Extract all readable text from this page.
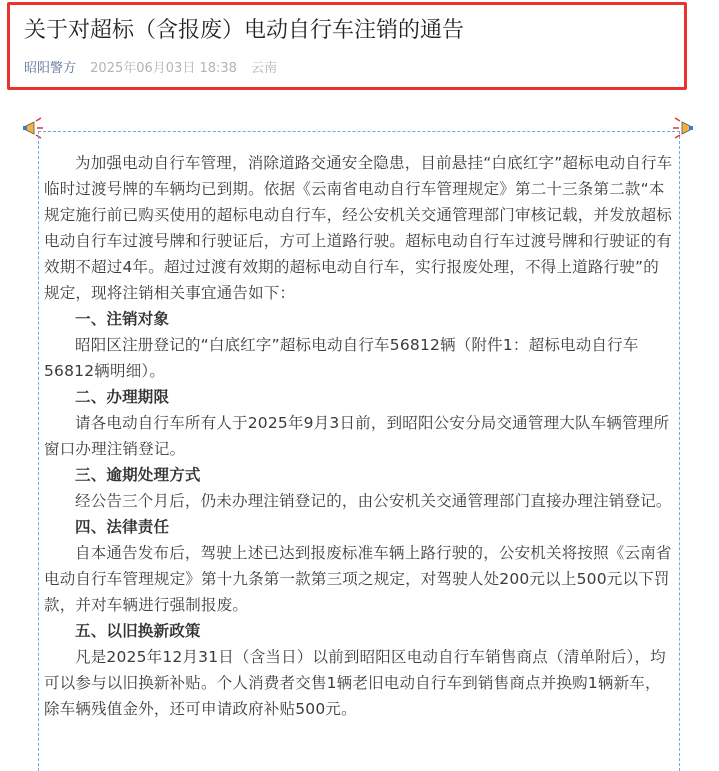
关于对超标（含报废）电动自行车注销的通告
昭阳警方 2025年06月03日 18:38 云南

为加强电动自行车管理，消除道路交通安全隐患，目前悬挂“白底红字”超标电动自行车临时过渡号牌的车辆均已到期。依据《云南省电动自行车管理规定》第二十三条第二款“本规定施行前已购买使用的超标电动自行车，经公安机关交通管理部门审核记载，并发放超标电动自行车过渡号牌和行驶证后，方可上道路行驶。超标电动自行车过渡号牌和行驶证的有效期不超过4年。超过过渡有效期的超标电动自行车，实行报废处理，不得上道路行驶”的规定，现将注销相关事宜通告如下：

一、注销对象

昭阳区注册登记的“白底红字”超标电动自行车56812辆（附件1：超标电动自行车56812辆明细）。

二、办理期限

请各电动自行车所有人于2025年9月3日前，到昭阳公安分局交通管理大队车辆管理所窗口办理注销登记。

三、逾期处理方式

经公告三个月后，仍未办理注销登记的，由公安机关交通管理部门直接办理注销登记。

四、法律责任

自本通告发布后，驾驶上述已达到报废标准车辆上路行驶的，公安机关将按照《云南省电动自行车管理规定》第十九条第一款第三项之规定，对驾驶人处200元以上500元以下罚款，并对车辆进行强制报废。

五、以旧换新政策

凡是2025年12月31日（含当日）以前到昭阳区电动自行车销售商点（清单附后），均可以参与以旧换新补贴。个人消费者交售1辆老旧电动自行车到销售商点并换购1辆新车，除车辆残值金外，还可申请政府补贴500元。
